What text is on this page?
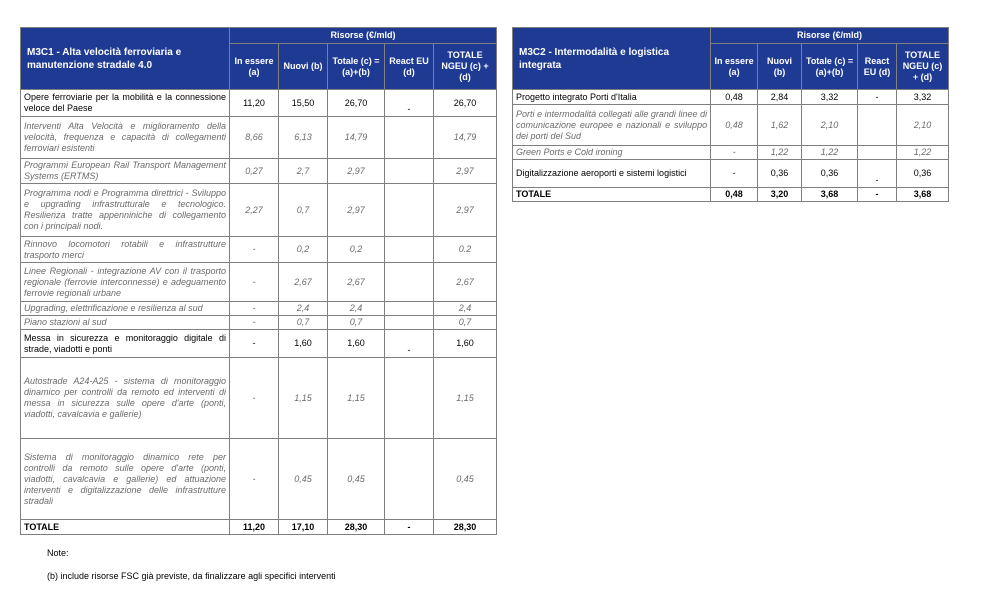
M3C1 - Alta velocità ferroviaria e manutenzione stradale 4.0	Risorse (€/mld)				
	In essere (a)	Nuovi (b)	Totale (c) = (a)+(b)	React EU (d)	TOTALE NGEU (c) + (d)
Opere ferroviarie per la mobilità e la connessione veloce del Paese	11,20	15,50	26,70	-	26,70
Interventi Alta Velocità e miglioramento della velocità, frequenza e capacità di collegamenti ferroviari esistenti	8,66	6,13	14,79		14,79
Programmi European Rail Transport Management Systems (ERTMS)	0,27	2,7	2,97		2,97
Programma nodi e Programma direttrici - Sviluppo e upgrading infrastrutturale e tecnologico. Resilienza tratte appenniniche di collegamento con i principali nodi.	2,27	0,7	2,97		2,97
Rinnovo locomotori rotabili e infrastrutture trasporto merci	-	0,2	0,2		0.2
Linee Regionali - integrazione AV con il trasporto regionale (ferrovie interconnesse) e adeguamento ferrovie regionali urbane	-	2,67	2,67		2,67
Upgrading, elettrificazione e resilienza al sud	-	2,4	2,4		2,4
Piano stazioni al sud	-	0,7	0,7		0,7
Messa in sicurezza e monitoraggio digitale di strade, viadotti e ponti	-	1,60	1,60	-	1,60
Autostrade A24-A25 - sistema di monitoraggio dinamico per controlli da remoto ed interventi di messa in sicurezza sulle opere d'arte (ponti, viadotti, cavalcavia e gallerie)	-	1,15	1,15		1,15
Sistema di monitoraggio dinamico rete per controlli da remoto sulle opere d'arte (ponti, viadotti, cavalcavia e gallerie) ed attuazione interventi e digitalizzazione delle infrastrutture stradali	-	0,45	0,45		0,45
TOTALE	11,20	17,10	28,30	-	28,30
M3C2 - Intermodalità e logistica integrata	Risorse (€/mld)				
	In essere (a)	Nuovi (b)	Totale (c) = (a)+(b)	React EU (d)	TOTALE NGEU (c) + (d)
Progetto integrato Porti d'Italia	0,48	2,84	3,32	-	3,32
Porti e intermodalità collegati alle grandi linee di comunicazione europee e nazionali e sviluppo dei porti del Sud	0,48	1,62	2,10		2,10
Green Ports e Cold ironing	-	1,22	1,22		1,22
Digitalizzazione aeroporti e sistemi logistici	-	0,36	0,36	-	0,36
TOTALE	0,48	3,20	3,68	-	3,68
Note:
(b) include risorse FSC già previste, da finalizzare agli specifici interventi
